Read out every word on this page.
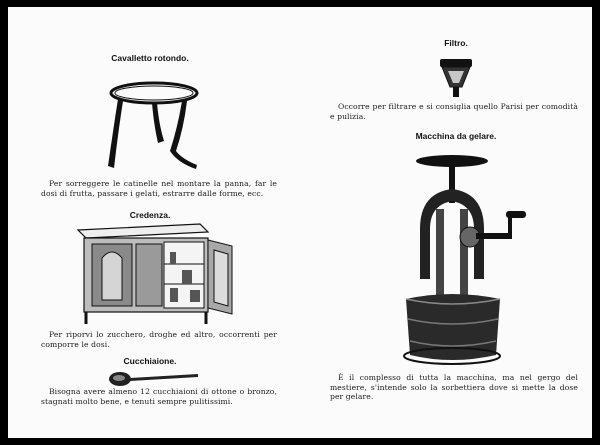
Cavalletto rotondo.
Per sorreggere le catinelle nel montare la panna, far le dosi di frutta, passare i gelati, estrarre dalle forme, ecc.
Credenza.
Per riporvi lo zucchero, droghe ed altro, occorrenti per comporre le dosi.
Cucchiaione.
Bisogna avere almeno 12 cucchiaioni di ottone o bronzo, stagnati molto bene, e tenuti sempre pulitissimi.
Filtro.
Occorre per filtrare e si consiglia quello Parisi per comodità e pulizia.
Macchina da gelare.
È il complesso di tutta la macchina, ma nel gergo del mestiere, s'intende solo la sorbettiera dove si mette la dose per gelare.
